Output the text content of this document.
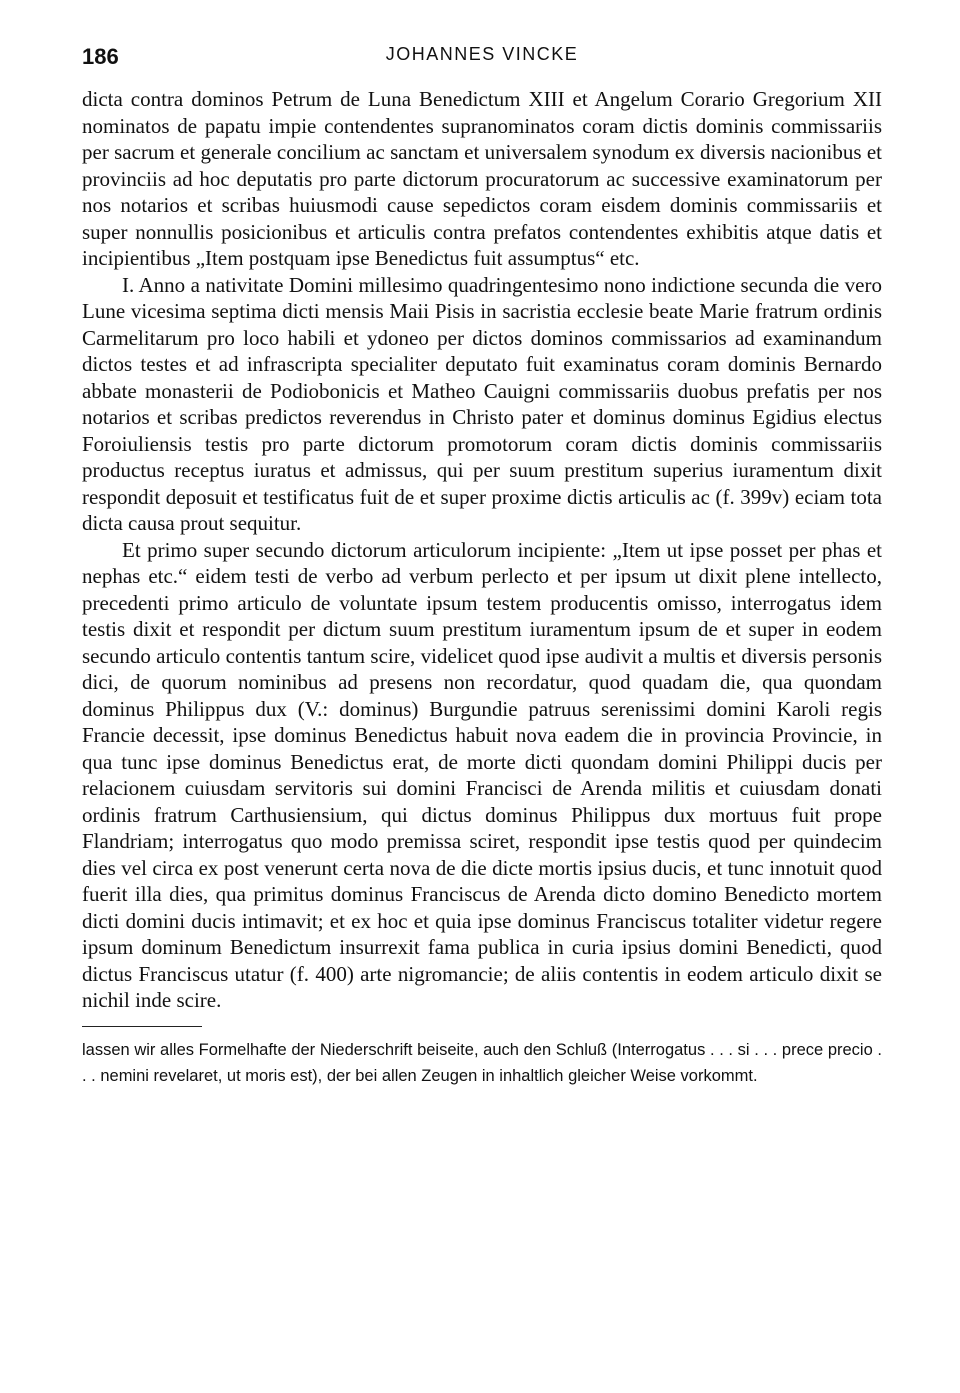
186	JOHANNES VINCKE

dicta contra dominos Petrum de Luna Benedictum XIII et Angelum Corario Gregorium XII nominatos de papatu impie contendentes supranominatos coram dictis dominis commissariis per sacrum et generale concilium ac sanctam et universalem synodum ex diversis nacionibus et provinciis ad hoc deputatis pro parte dictorum procuratorum ac successive examinatorum per nos notarios et scribas huiusmodi cause sepedictos coram eisdem dominis commissariis et super nonnullis posicionibus et articulis contra prefatos contendentes exhibitis atque datis et incipientibus „Item postquam ipse Benedictus fuit assumptus“ etc.

I. Anno a nativitate Domini millesimo quadringentesimo nono indictione secunda die vero Lune vicesima septima dicti mensis Maii Pisis in sacristia ecclesie beate Marie fratrum ordinis Carmelitarum pro loco habili et ydoneo per dictos dominos commissarios ad examinandum dictos testes et ad infrascripta specialiter deputato fuit examinatus coram dominis Bernardo abbate monasterii de Podiobonicis et Matheo Cauigni commissariis duobus prefatis per nos notarios et scribas predictos reverendus in Christo pater et dominus dominus Egidius electus Foroiuliensis testis pro parte dictorum promotorum coram dictis dominis commissariis productus receptus iuratus et admissus, qui per suum prestitum superius iuramentum dixit respondit deposuit et testificatus fuit de et super proxime dictis articulis ac (f. 399v) eciam tota dicta causa prout sequitur.

Et primo super secundo dictorum articulorum incipiente: „Item ut ipse posset per phas et nephas etc.“ eidem testi de verbo ad verbum perlecto et per ipsum ut dixit plene intellecto, precedenti primo articulo de voluntate ipsum testem producentis omisso, interrogatus idem testis dixit et respondit per dictum suum prestitum iuramentum ipsum de et super in eodem secundo articulo contentis tantum scire, videlicet quod ipse audivit a multis et diversis personis dici, de quorum nominibus ad presens non recordatur, quod quadam die, qua quondam dominus Philippus dux (V.: dominus) Burgundie patruus serenissimi domini Karoli regis Francie decessit, ipse dominus Benedictus habuit nova eadem die in provincia Provincie, in qua tunc ipse dominus Benedictus erat, de morte dicti quondam domini Philippi ducis per relacionem cuiusdam servitoris sui domini Francisci de Arenda militis et cuiusdam donati ordinis fratrum Carthusiensium, qui dictus dominus Philippus dux mortuus fuit prope Flandriam; interrogatus quo modo premissa sciret, respondit ipse testis quod per quindecim dies vel circa ex post venerunt certa nova de die dicte mortis ipsius ducis, et tunc innotuit quod fuerit illa dies, qua primitus dominus Franciscus de Arenda dicto domino Benedicto mortem dicti domini ducis intimavit; et ex hoc et quia ipse dominus Franciscus totaliter videtur regere ipsum dominum Benedictum insurrexit fama publica in curia ipsius domini Benedicti, quod dictus Franciscus utatur (f. 400) arte nigromancie; de aliis contentis in eodem articulo dixit se nichil inde scire.

lassen wir alles Formelhafte der Niederschrift beiseite, auch den Schluß (Interrogatus . . . si . . . prece precio . . . nemini revelaret, ut moris est), der bei allen Zeugen in inhaltlich gleicher Weise vorkommt.
